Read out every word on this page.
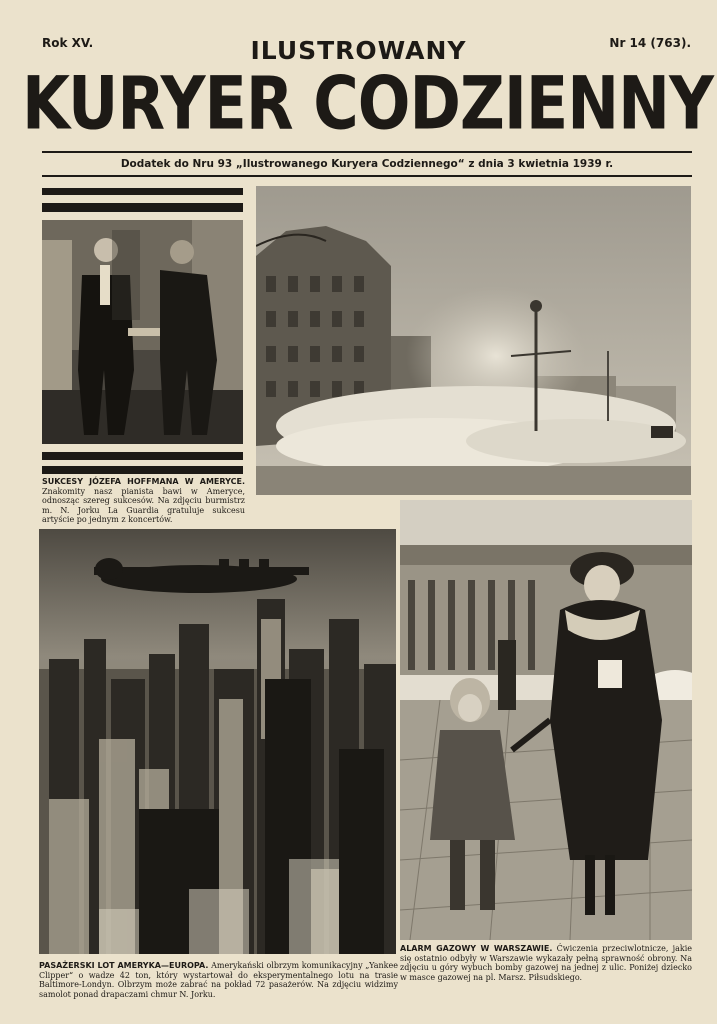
Rok XV.	Nr 14 (763).
ILUSTROWANY
KURYER CODZIENNY
Dodatek do Nru 93 „Ilustrowanego Kuryera Codziennego“ z dnia 3 kwietnia 1939 r.
SUKCESY JÓZEFA HOFFMANA W AMERYCE. Znakomity nasz pianista bawi w Ameryce, odnosząc szereg sukcesów. Na zdjęciu burmistrz m. N. Jorku La Guardia gratuluje sukcesu artyście po jednym z koncertów.
PASAŻERSKI LOT AMERYKA—EUROPA. Amerykański olbrzym komunikacyjny „Yankee Clipper“ o wadze 42 ton, który wystartował do eksperymentalnego lotu na trasie Baltimore-Londyn. Olbrzym może zabrać na pokład 72 pasażerów. Na zdjęciu widzimy samolot ponad drapaczami chmur N. Jorku.
ALARM GAZOWY W WARSZAWIE. Ćwiczenia przeciwlotnicze, jakie się ostatnio odbyły w Warszawie wykazały pełną sprawność obrony. Na zdjęciu u góry wybuch bomby gazowej na jednej z ulic. Poniżej dziecko w masce gazowej na pl. Marsz. Piłsudskiego.
